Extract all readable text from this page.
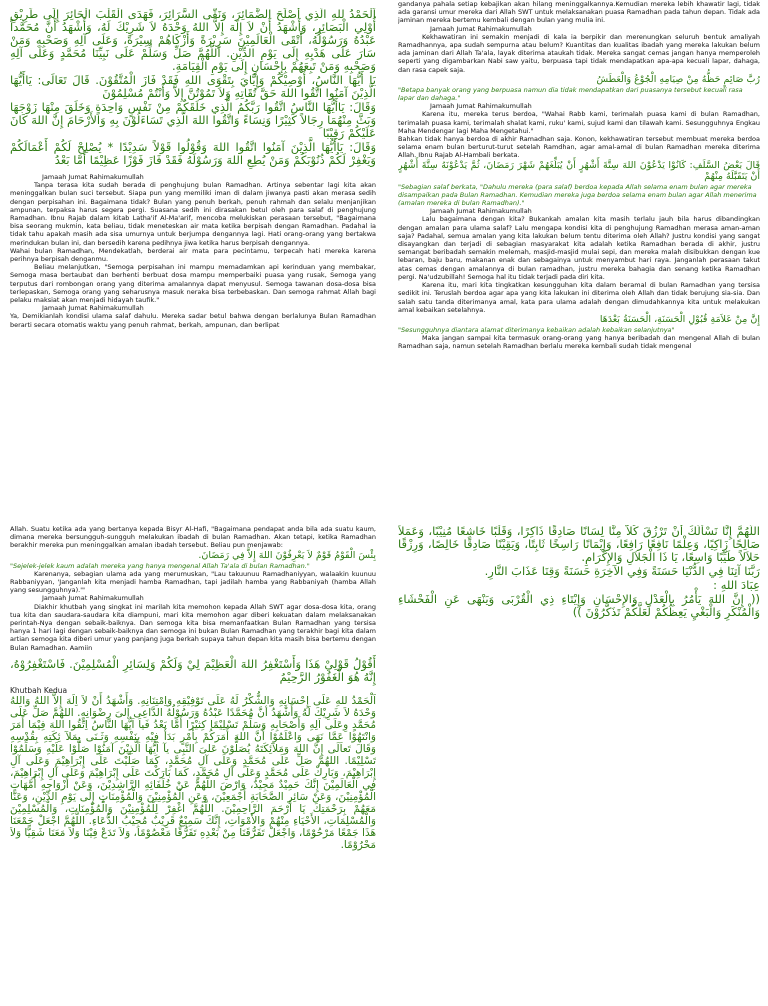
اَلْحَمْدُ للهِ الَّذِي أَصْلَحَ الضَّمَائِرَ، وَنَقَّى السَّرَائِرَ، فَهَدَى الْقَلْبَ الْحَائِرَ إِلَى طَرِيْقِ أُوْلِي الْبَصَائِرِ، وَأَشْهَدُ أَنْ لاَ إِلَهَ إِلاَّ اللهُ وَحْدَهُ لاَ شَرِيْكَ لَهُ، وَأَشْهَدُ أَنَّ مُحَمَّداً عَبْدُهُ وَرَسُوْلُهُ، أَتْقَى الْعَالَمِيْنَ سَرِيْرَةً وَأَزْكَاهُمْ سِيْرَةً، وَعَلَى آلِهِ وَصَحْبِهِ وَمَنْ سَارَ عَلَى هَدْيِهِ إِلَى يَوْمِ الدِّيْنِ. اَللَّهُمَّ صَلِّ وَسَلِّمْ عَلَى نَبِيِّنَا مُحَمَّدٍ وَعَلَى آلِهِ وَصَحْبِهِ وَمَنْ تَبِعَهُمْ بِإِحْسَانٍ إِلَى يَوْمِ الْقِيَامَةِ.

يَا أَيُّهَا النَّاسُ، أُوْصِيْكُمْ وَإِيَّايَ بِتَقْوَى اللهِ فَقَدْ فَازَ الْمُتَّقُوْنَ. قَالَ تَعَالَى: يَاأَيُّهَا الَّذِيْنَ آمَنُوا اتَّقُوا اللهَ حَقَّ تُقَاتِهِ وَلاَ تَمُوْتُنَّ إِلاَّ وَأَنْتُمْ مُسْلِمُوْنَ

وَقَالَ: يَاأَيُّهَا النَّاسُ اتَّقُوا رَبَّكُمُ الَّذِي خَلَقَكُمْ مِنْ نَفْسٍ وَاحِدَةٍ وَخَلَقَ مِنْهَا زَوْجَهَا وَبَثَّ مِنْهُمَا رِجَالاً كَثِيْرًا وَنِسَاءً وَاتَّقُوا اللهَ الَّذِي تَسَاءَلُوْنَ بِهِ وَالأَرْحَامَ إِنَّ اللهَ كَانَ عَلَيْكُمْ رَقِيْبًا

وَقَالَ: يَاأَيُّهَا الَّذِيْنَ آمَنُوا اتَّقُوا اللهَ وَقُوْلُوا قَوْلاً سَدِيْدًا * يُصْلِحْ لَكُمْ أَعْمَالَكُمْ وَيَغْفِرْ لَكُمْ ذُنُوْبَكُمْ وَمَنْ يُطِعِ اللهَ وَرَسُوْلَهُ فَقَدْ فَازَ فَوْزًا عَظِيْمًا أَمَّا بَعْدُ

Jamaah Jumat Rahimakumullah

Tanpa terasa kita sudah berada di penghujung bulan Ramadhan. Artinya sebentar lagi kita akan meninggalkan bulan suci tersebut. Siapa pun yang memiliki iman di dalam jiwanya pasti akan merasa sedih dengan perpisahan ini. Bagaimana tidak? Bulan yang penuh berkah, penuh rahmah dan selalu menjanjikan ampunan, terpaksa harus segera pergi. Suasana sedih ini dirasakan betul oleh para salaf di penghujung Ramadhan. Ibnu Rajab dalam kitab Latha'if Al-Ma'arif, mencoba melukiskan perasaan tersebut, "Bagaimana bisa seorang mukmin, kata beliau, tidak meneteskan air mata ketika berpisah dengan Ramadhan. Padahal ia tidak tahu apakah masih ada sisa umurnya untuk berjumpa dengannya lagi. Hati orang-orang yang bertakwa merindukan bulan ini, dan bersedih karena pedihnya jiwa ketika harus berpisah dengannya.

Wahai bulan Ramadhan, Mendekatlah, berderai air mata para pecintamu, terpecah hati mereka karena perihnya berpisah denganmu.

Beliau melanjutkan, "Semoga perpisahan ini mampu memadamkan api kerinduan yang membakar, Semoga masa bertaubat dan berhenti berbuat dosa mampu memperbaiki puasa yang rusak, Semoga yang terputus dari rombongan orang yang diterima amalannya dapat menyusul. Semoga tawanan dosa-dosa bisa terlepaskan, Semoga orang yang seharusnya masuk neraka bisa terbebaskan. Dan semoga rahmat Allah bagi pelaku maksiat akan menjadi hidayah taufik."

Jamaah Jumat Rahimakumullah

Ya, Demikianlah kondisi ulama salaf dahulu. Mereka sadar betul bahwa dengan berlalunya Bulan Ramadhan berarti secara otomatis waktu yang penuh rahmat, berkah, ampunan, dan berlipat

gandanya pahala setiap kebajikan akan hilang meninggalkannya.Kemudian mereka lebih khawatir lagi, tidak ada garansi umur mereka dari Allah SWT untuk melaksanakan puasa Ramadhan pada tahun depan. Tidak ada jaminan mereka bertemu kembali dengan bulan yang mulia ini.

Jamaah Jumat Rahimakumullah

Kekhawatiran ini semakin menjadi di kala ia berpikir dan merenungkan seluruh bentuk amaliyah Ramadhannya, apa sudah sempurna atau belum? Kuantitas dan kualitas ibadah yang mereka lakukan belum ada jaminan dari Allah Ta'ala, layak diterima ataukah tidak. Mereka sangat cemas jangan hanya memperoleh seperti yang digambarkan Nabi saw yaitu, berpuasa tapi tidak mendapatkan apa-apa kecuali lapar, dahaga, dan rasa capek saja.

رُبَّ صَائِمٍ حَظُّهُ مِنْ صِيَامِهِ الْجُوْعُ وَالْعَطَشُ

"Betapa banyak orang yang berpuasa namun dia tidak mendapatkan dari puasanya tersebut kecuali rasa lapar dan dahaga."

Jamaah Jumat Rahimakumullah

Karena itu, mereka terus berdoa, "Wahai Rabb kami, terimalah puasa kami di bulan Ramadhan, terimalah puasa kami, terimalah shalat kami, ruku' kami, sujud kami dan tilawah kami. Sesungguhnya Engkau Maha Mendengar lagi Maha Mengetahui."

Bahkan tidak hanya berdoa di akhir Ramadhan saja. Konon, kekhawatiran tersebut membuat mereka berdoa selama enam bulan berturut-turut setelah Ramdhan, agar amal-amal di bulan Ramadhan mereka diterima Allah. Ibnu Rajab Al-Hambali berkata.

قَالَ بَعْضُ السَّلَفِ: كَانُوْا يَدْعُوْنَ اللهَ سِتَّةَ أَشْهُرٍ أَنْ يُبَلِّغَهُمْ شَهْرَ رَمَضَانَ، ثُمَّ يَدْعُوْنَهُ سِتَّةَ أَشْهُرٍ أَنْ يَتَقَبَّلَهُ مِنْهُمْ

"Sebagian salaf berkata, "Dahulu mereka (para salaf) berdoa kepada Allah selama enam bulan agar mereka disampaikan pada Bulan Ramadhan. Kemudian mereka juga berdoa selama enam bulan agar Allah menerima (amalan mereka di bulan Ramadhan)."

Jamaah Jumat Rahimakumullah

Lalu bagaimana dengan kita? Bukankah amalan kita masih terlalu jauh bila harus dibandingkan dengan amalan para ulama salaf? Lalu mengapa kondisi kita di penghujung Ramadhan merasa aman-aman saja? Padahal, semua amalan yang kita lakukan belum tentu diterima oleh Allah? Justru kondisi yang sangat disayangkan dan terjadi di sebagian masyarakat kita adalah ketika Ramadhan berada di akhir, justru semangat beribadah semakin melemah, masjid-masjid mulai sepi, dan mereka malah disibukkan dengan kue lebaran, baju baru, makanan enak dan sebagainya untuk menyambut hari raya. Janganlah perasaan takut atas cemas dengan amalannya di bulan ramadhan, justru mereka bahagia dan senang ketika Ramadhan pergi. Na'udzubillah! Semoga hal itu tidak terjadi pada diri kita.

Karena itu, mari kita tingkatkan kesungguhan kita dalam beramal di bulan Ramadhan yang tersisa sedikit ini. Teruslah berdoa agar apa yang kita lakukan ini diterima oleh Allah dan tidak berujung sia-sia. Dan salah satu tanda diterimanya amal, kata para ulama adalah dengan dimudahkannya kita untuk melakukan amal kebaikan setelahnya.

إِنَّ مِنْ عَلاَمَةِ قُبُوْلِ الْحَسَنَةِ، الْحَسَنَةُ بَعْدَهَا

"Sesungguhnya diantara alamat diterimanya kebaikan adalah kebaikan selanjutnya"

Maka jangan sampai kita termasuk orang-orang yang hanya beribadah dan mengenal Allah di bulan Ramadhan saja, namun setelah Ramadhan berlalu mereka kembali sudah tidak mengenal

Allah. Suatu ketika ada yang bertanya kepada Bisyr Al-Hafi, "Bagaimana pendapat anda bila ada suatu kaum, dimana mereka bersungguh-sungguh melakukan ibadah di bulan Ramadhan. Akan tetapi, ketika Ramadhan berakhir mereka pun meninggalkan amalan ibadah tersebut. Beliau pun menjawab:

بِئْسَ الْقَوْمُ قَوْمٌ لاَ يَعْرِفُوْنَ اللهَ إِلاَّ فِي رَمَضَانَ.

"Sejelek-jelek kaum adalah mereka yang hanya mengenal Allah Ta'ala di bulan Ramadhan."

Karenanya, sebagian ulama ada yang merumuskan, "Lau takuunuu Ramadhaniyyan, walaakin kuunuu Rabbaniyyan, 'Janganlah kita menjadi hamba Ramadhan, tapi jadilah hamba yang Rabbaniyah (hamba Allah yang sesungguhnya).'"

Jamaah Jumat Rahimakumullah

Diakhir khutbah yang singkat ini marilah kita memohon kepada Allah SWT agar dosa-dosa kita, orang tua kita dan saudara-saudara kita diampuni, mari kita memohon agar diberi kekuatan dalam melaksanakan perintah-Nya dengan sebaik-baiknya. Dan semoga kita bisa memanfaatkan Bulan Ramadhan yang tersisa hanya 1 hari lagi dengan sebaik-baiknya dan semoga ini bukan Bulan Ramadhan yang terakhir bagi kita dalam artian semoga kita diberi umur yang panjang juga berkah supaya tahun depan kita masih bisa bertemu dengan Bulan Ramadhan. Aamiin

أَقُوْلُ قَوْلِيْ هَذَا وَأَسْتَغْفِرُ اللهَ الْعَظِيْمَ لِيْ وَلَكُمْ وَلِسَائِرِ الْمُسْلِمِيْنَ. فَاسْتَغْفِرُوْهُ، إِنَّهُ هُوَ الْغَفُوْرُ الرَّحِيْمُ

Khutbah Kedua

اَلْحَمْدُ للهِ عَلَى إِحْسَانِهِ وَالشُّكْرُ لَهُ عَلَى تَوْفِيْقِهِ وَاِمْتِنَانِهِ. وَأَشْهَدُ أَنْ لاَ اِلَهَ إِلاَّ اللهُ وَاللهُ وَحْدَهُ لاَ شَرِيْكَ لَهُ وَأَشْهَدُ أنَّ مُحَمَّدًا عَبْدُهُ وَرَسُوْلُهُ الدَّاعِى إلىَ رِضْوَانِهِ. اللهُمَّ صَلِّ عَلَى مُحَمَّدٍ وِعَلَى اَلِهِ وَأَصْحَابِهِ وَسَلِّمْ تَسْلِيْمًا كِثيْرًا أَمَّا بَعْدُ فَياَ اَيُّهَا النَّاسُ اِتَّقُوا اللهَ فِيْمَا أَمَرَ وَانْتَهُوْا عَمَّا نَهَى وَاعْلَمُوْا أَنَّ اللهَ أَمَرَكُمْ بِأَمْرٍ بَدَأَ فِيْهِ بِنَفْسِهِ وَثَـنَى بِمَلآ ئِكَتِهِ بِقُدْسِهِ وَقَالَ تَعاَلَى إِنَّ اللهَ وَمَلآئِكَتَهُ يُصَلُّوْنَ عَلىَ النَّبِى يآ اَيُّهَا الَّذِيْنَ آمَنُوْا صَلُّوْا عَلَيْهِ وَسَلِّمُوْا تَسْلِيْمًا. اللهُمَّ صَلِّ عَلَى مُحَمَّدٍ وَعَلَى آلِ مُحَمَّدٍ، كَمَا صَلَّيْتَ عَلَى إِبْرَاهِيْمَ وَعَلَى آلِ إِبْرَاهِيْمَ، وَبَارِكْ عَلَى مُحَمَّدٍ وَعَلَى آلِ مُحَمَّدٍ، كَمَا بَارَكْتَ عَلَى إِبْرَاهِيْمَ وَعَلَى آلِ إِبْرَاهِيْمَ، فِي الْعَالَمِيْنَ إِنَّكَ حَمِيْدٌ مَجِيْدٌ، وَارْضَ اللَّهُمَّ عَنْ خُلَفَائِهِ الرَّاشِدِيْنَ، وَعَنْ أَزْوَاجِهِ أُمَّهَاتِ الْمُؤْمِنِيْنَ، وَعَنْ سَائِرِ الصَّحَابَةِ أَجْمَعِيْنَ، وَعَنِ الْمُؤْمِنِيْنَ وَالْمُؤْمِنَاتِ إِلَى يَوْمِ الدِّيْنِ، وَعَنَّا مَعَهُمْ بِرَحْمَتِكَ يَا أَرْحَمَ الرَّاحِمِيْنَ. اللَّهُمَّ اغْفِرْ لِلْمُؤْمِنِيْنَ وَالْمُؤْمِنَاتِ، وَالْمُسْلِمِيْنَ وَالْمُسْلِمَاتِ، الأَحْيَاءِ مِنْهُمْ وَالأَمْوَاتِ، إِنَّكَ سَمِيْعٌ قَرِيْبٌ مُجِيْبُ الدُّعَاءِ. اللَّهُمَّ اجْعَلْ جَمْعَنَا هَذَا جَمْعًا مَرْحُوْمًا، وَاجْعَلْ تَفَرُّقَنَا مِنْ بَعْدِهِ تَفَرُّقًا مَعْصُوْمًا، وَلاَ تَدَعْ فِيْنَا وَلاَ مَعَنَا شَقِيًّا وَلاَ مَحْرُوْمًا.

اللَّهُمَّ إِنَّا نَسْأَلُكَ أَنْ تَرْزُقَ كُلاًّ مِنَّا لِسَانًا صَادِقًا ذَاكِرًا، وَقَلْبًا خَاشِعًا مُنِيْبًا، وَعَمَلاً صَالِحًا زَاكِيًا، وَعِلْمًا نَافِعًا رَافِعًا، وَإِيْمَانًا رَاسِخًا ثَابِتًا، وَيَقِيْنًا صَادِقًا خَالِصًا، وَرِزْقًا حَلاَلاً طَيِّبًا وَاسِعًا، يَا ذَا الْجَلاَلِ وَالإِكْرَامِ.

رَبَّنَا آتِنَا فِي الدُّنْيَا حَسَنَةً وَفِي الآخِرَةِ حَسَنَةً وَقِنَا عَذَابَ النَّارِ.

عِبَادَ اللهِ :

(( إِنَّ اللهَ يَأْمُرُ بِالْعَدْلِ وَالإِحْسَانِ وَإِيْتَاءِ ذِي الْقُرْبَى وَيَنْهَى عَنِ الْفَحْشَاءِ وَالْمُنْكَرِ وَالْبَغْيِ يَعِظُكُمْ لَعَلَّكُمْ تَذَكَّرُوْنَ ))
